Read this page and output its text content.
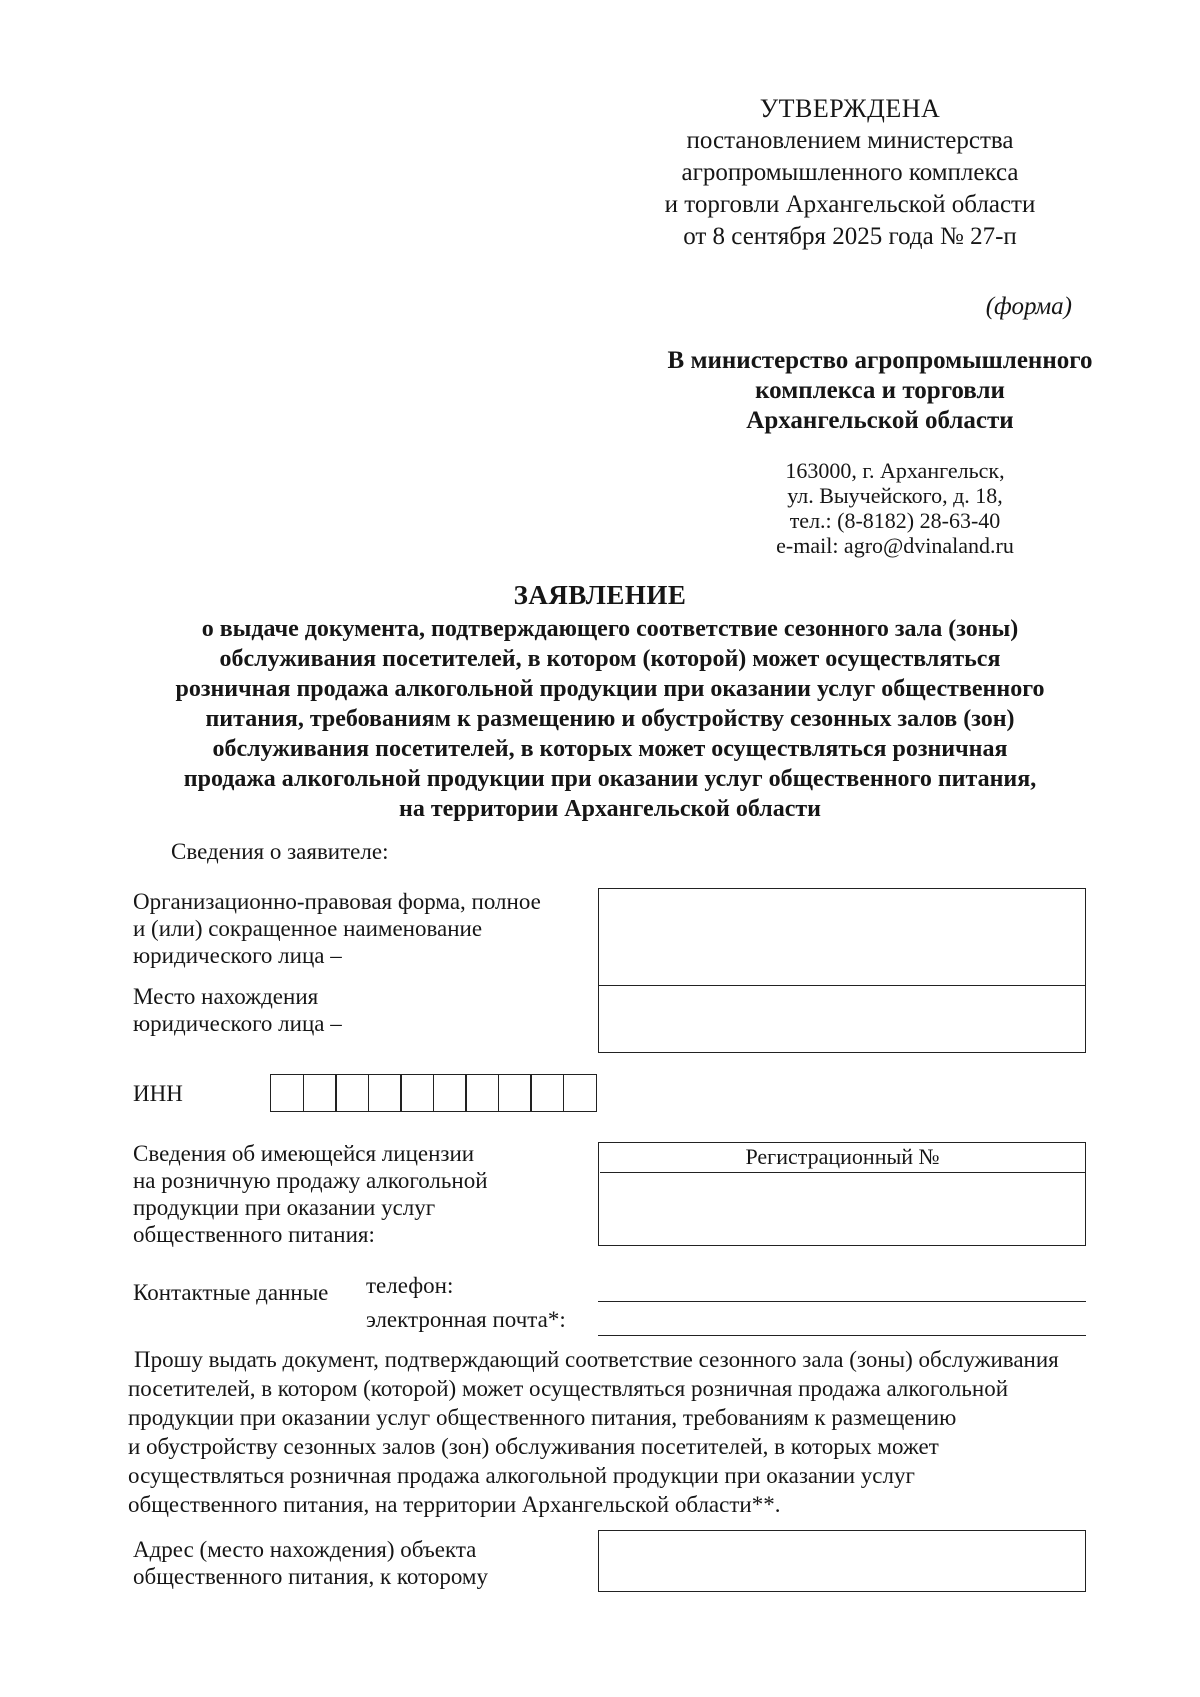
УТВЕРЖДЕНА
постановлением министерства
агропромышленного комплекса
и торговли Архангельской области
от 8 сентября 2025 года № 27-п
(форма)
В министерство агропромышленного
комплекса и торговли
Архангельской области
163000, г. Архангельск,
ул. Выучейского, д. 18,
тел.: (8-8182) 28-63-40
e-mail: agro@dvinaland.ru
ЗАЯВЛЕНИЕ
о выдаче документа, подтверждающего соответствие сезонного зала (зоны)
обслуживания посетителей, в котором (которой) может осуществляться
розничная продажа алкогольной продукции при оказании услуг общественного
питания, требованиям к размещению и обустройству сезонных залов (зон)
обслуживания посетителей, в которых может осуществляться розничная
продажа алкогольной продукции при оказании услуг общественного питания,
на территории Архангельской области
Сведения о заявителе:
Организационно-правовая форма, полное
и (или) сокращенное наименование
юридического лица –
Место нахождения
юридического лица –
ИНН
Сведения об имеющейся лицензии
на розничную продажу алкогольной
продукции при оказании услуг
общественного питания:
Регистрационный №
Контактные данные телефон:
электронная почта*:
Прошу выдать документ, подтверждающий соответствие сезонного зала (зоны) обслуживания
посетителей, в котором (которой) может осуществляться розничная продажа алкогольной
продукции при оказании услуг общественного питания, требованиям к размещению
и обустройству сезонных залов (зон) обслуживания посетителей, в которых может
осуществляться розничная продажа алкогольной продукции при оказании услуг
общественного питания, на территории Архангельской области**.
Адрес (место нахождения) объекта
общественного питания, к которому
